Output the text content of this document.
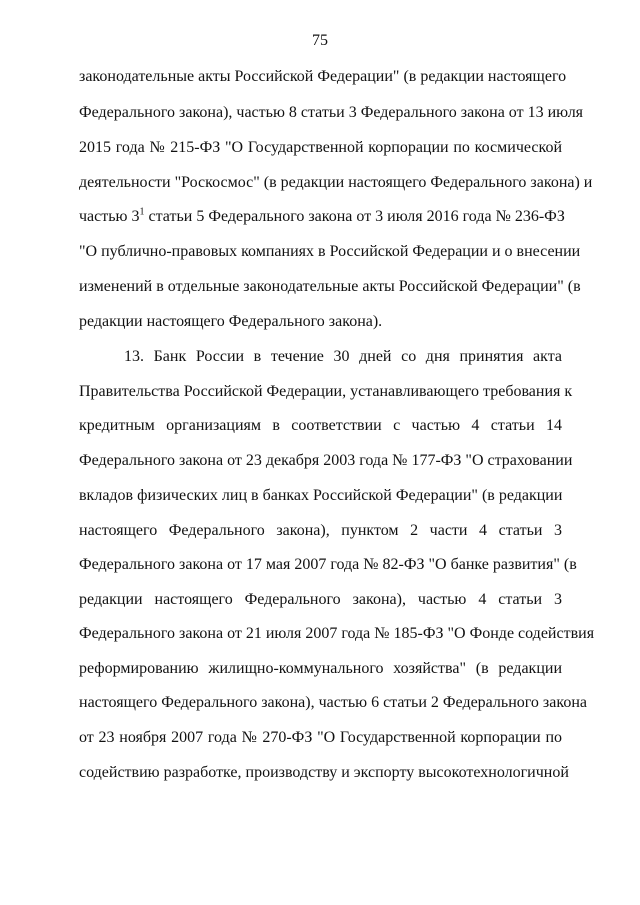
75
законодательные акты Российской Федерации" (в редакции настоящего
Федерального закона), частью 8 статьи 3 Федерального закона от 13 июля
2015 года № 215-ФЗ "О Государственной корпорации по космической
деятельности "Роскосмос" (в редакции настоящего Федерального закона) и
частью $3^1$ статьи 5 Федерального закона от 3 июля 2016 года № 236-ФЗ
"О публично-правовых компаниях в Российской Федерации и о внесении
изменений в отдельные законодательные акты Российской Федерации" (в
редакции настоящего Федерального закона).
13. Банк России в течение 30 дней со дня принятия акта
Правительства Российской Федерации, устанавливающего требования к
кредитным организациям в соответствии с частью 4 статьи 14
Федерального закона от 23 декабря 2003 года № 177-ФЗ "О страховании
вкладов физических лиц в банках Российской Федерации" (в редакции
настоящего Федерального закона), пунктом 2 части 4 статьи 3
Федерального закона от 17 мая 2007 года № 82-ФЗ "О банке развития" (в
редакции настоящего Федерального закона), частью 4 статьи 3
Федерального закона от 21 июля 2007 года № 185-ФЗ "О Фонде содействия
реформированию жилищно-коммунального хозяйства" (в редакции
настоящего Федерального закона), частью 6 статьи 2 Федерального закона
от 23 ноября 2007 года № 270-ФЗ "О Государственной корпорации по
содействию разработке, производству и экспорту высокотехнологичной
